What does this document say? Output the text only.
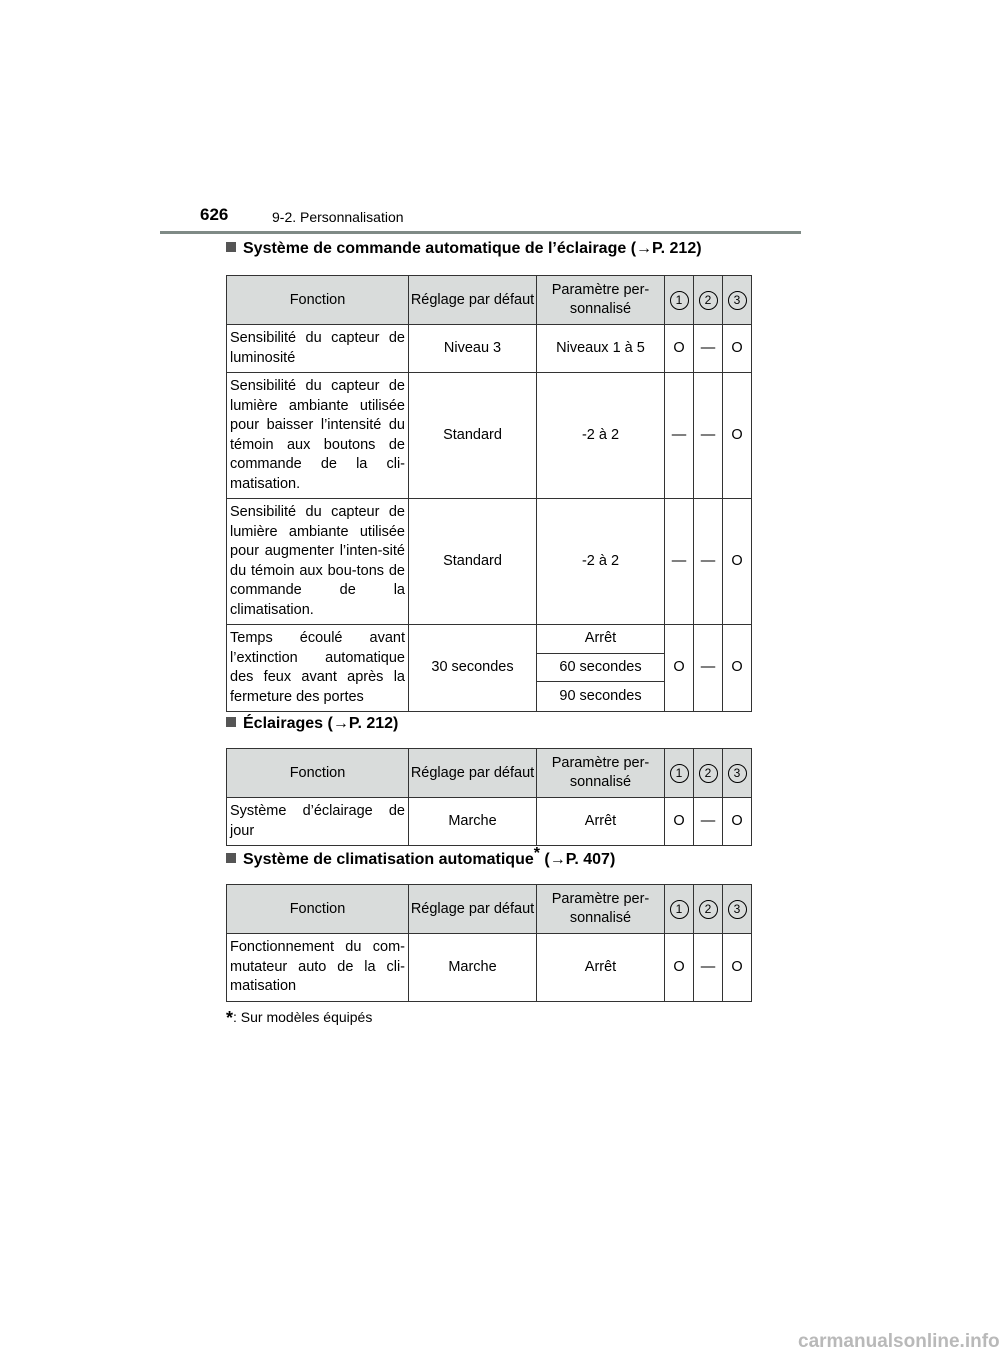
626	9-2. Personnalisation
Système de commande automatique de l’éclairage (→P. 212)
Fonction	Réglage par défaut	Paramètre per-sonnalisé	1	2	3
Sensibilité du capteur de luminosité	Niveau 3	Niveaux 1 à 5	O	—	O
Sensibilité du capteur de lumière ambiante utilisée pour baisser l’intensité du témoin aux boutons de commande de la cli-matisation.	Standard	-2 à 2	—	—	O
Sensibilité du capteur de lumière ambiante utilisée pour augmenter l’inten-sité du témoin aux bou-tons de commande de la climatisation.	Standard	-2 à 2	—	—	O
Temps écoulé avant l’extinction automatique des feux avant après la fermeture des portes	30 secondes	Arrêt	O	—	O
		60 secondes			
		90 secondes			
Éclairages (→P. 212)
Fonction	Réglage par défaut	Paramètre per-sonnalisé	1	2	3
Système d’éclairage de jour	Marche	Arrêt	O	—	O
Système de climatisation automatique* (→P. 407)
Fonction	Réglage par défaut	Paramètre per-sonnalisé	1	2	3
Fonctionnement du com-mutateur auto de la cli-matisation	Marche	Arrêt	O	—	O
*: Sur modèles équipés
carmanualsonline.info
